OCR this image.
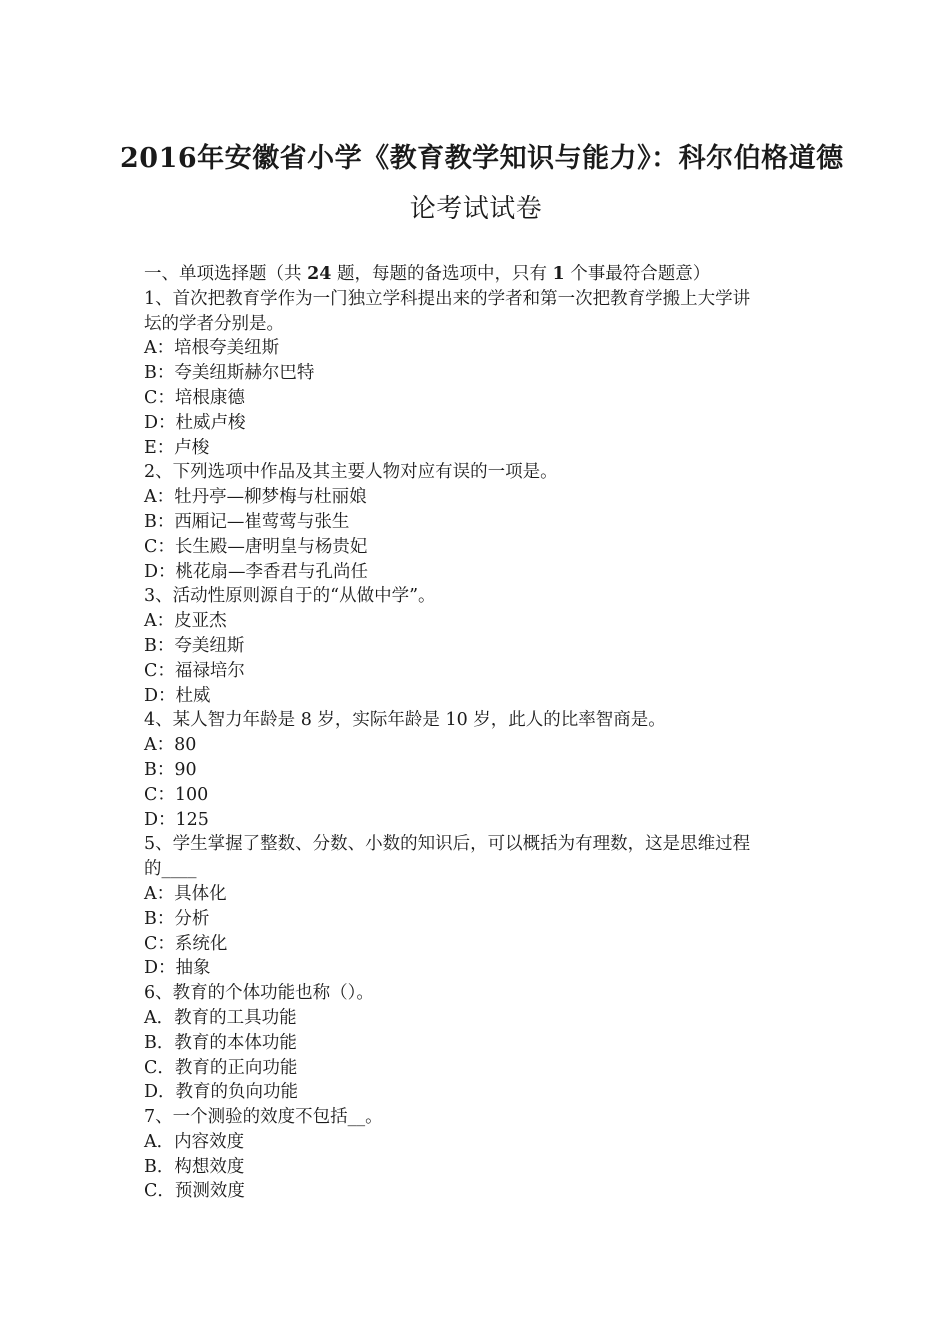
2016年安徽省小学《教育教学知识与能力》：科尔伯格道德
论考试试卷
一、单项选择题（共 24 题，每题的备选项中，只有 1 个事最符合题意）
1、首次把教育学作为一门独立学科提出来的学者和第一次把教育学搬上大学讲
坛的学者分别是。
A：培根夸美纽斯
B：夸美纽斯赫尔巴特
C：培根康德
D：杜威卢梭
E：卢梭
2、下列选项中作品及其主要人物对应有误的一项是。
A：牡丹亭—柳梦梅与杜丽娘
B：西厢记—崔莺莺与张生
C：长生殿—唐明皇与杨贵妃
D：桃花扇—李香君与孔尚任
3、活动性原则源自于的“从做中学”。
A：皮亚杰
B：夸美纽斯
C：福禄培尔
D：杜威
4、某人智力年龄是 8 岁，实际年龄是 10 岁，此人的比率智商是。
A：80
B：90
C：100
D：125
5、学生掌握了整数、分数、小数的知识后，可以概括为有理数，这是思维过程
的____
A：具体化
B：分析
C：系统化
D：抽象
6、教育的个体功能也称（）。
A．教育的工具功能
B．教育的本体功能
C．教育的正向功能
D．教育的负向功能
7、一个测验的效度不包括__。
A．内容效度
B．构想效度
C．预测效度
